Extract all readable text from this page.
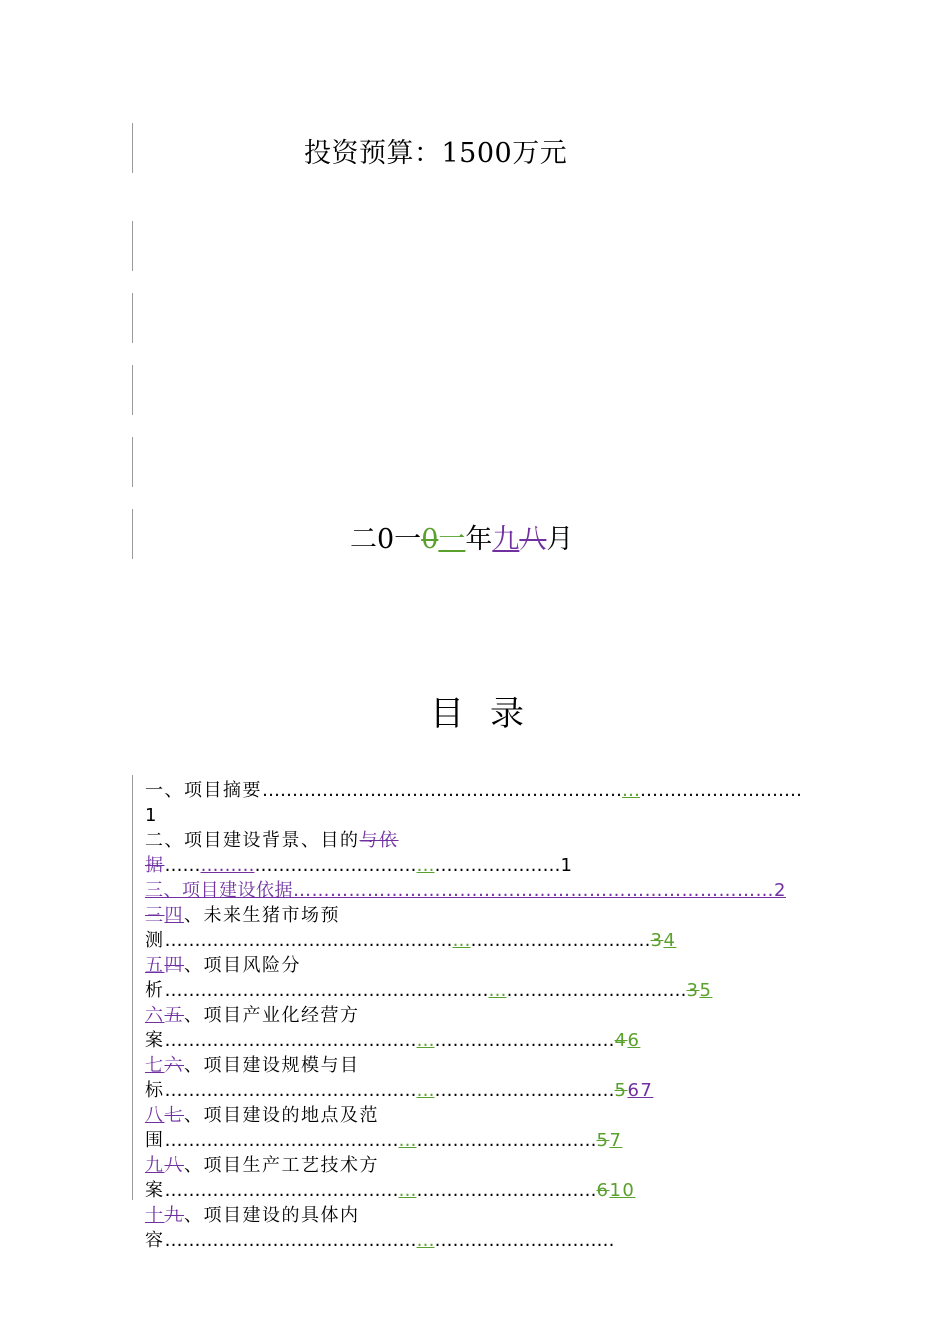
投资预算：1500万元
二0一0一年九八月
目 录
一、项目摘要………………………………………………………………………………1
二、项目建设背景、目的与依据…………………………………………………………1
三、项目建设依据……………………………………………………………………2
三四、未来生猪市场预测………………………………………………………………………34
五四、项目风险分析……………………………………………………………………………35
六五、项目产业化经营方案…………………………………………………………………46
七六、项目建设规模与目标…………………………………………………………………567
八七、项目建设的地点及范围………………………………………………………………57
九八、项目生产工艺技术方案………………………………………………………………610
十九、项目建设的具体内容…………………………………………………………………
